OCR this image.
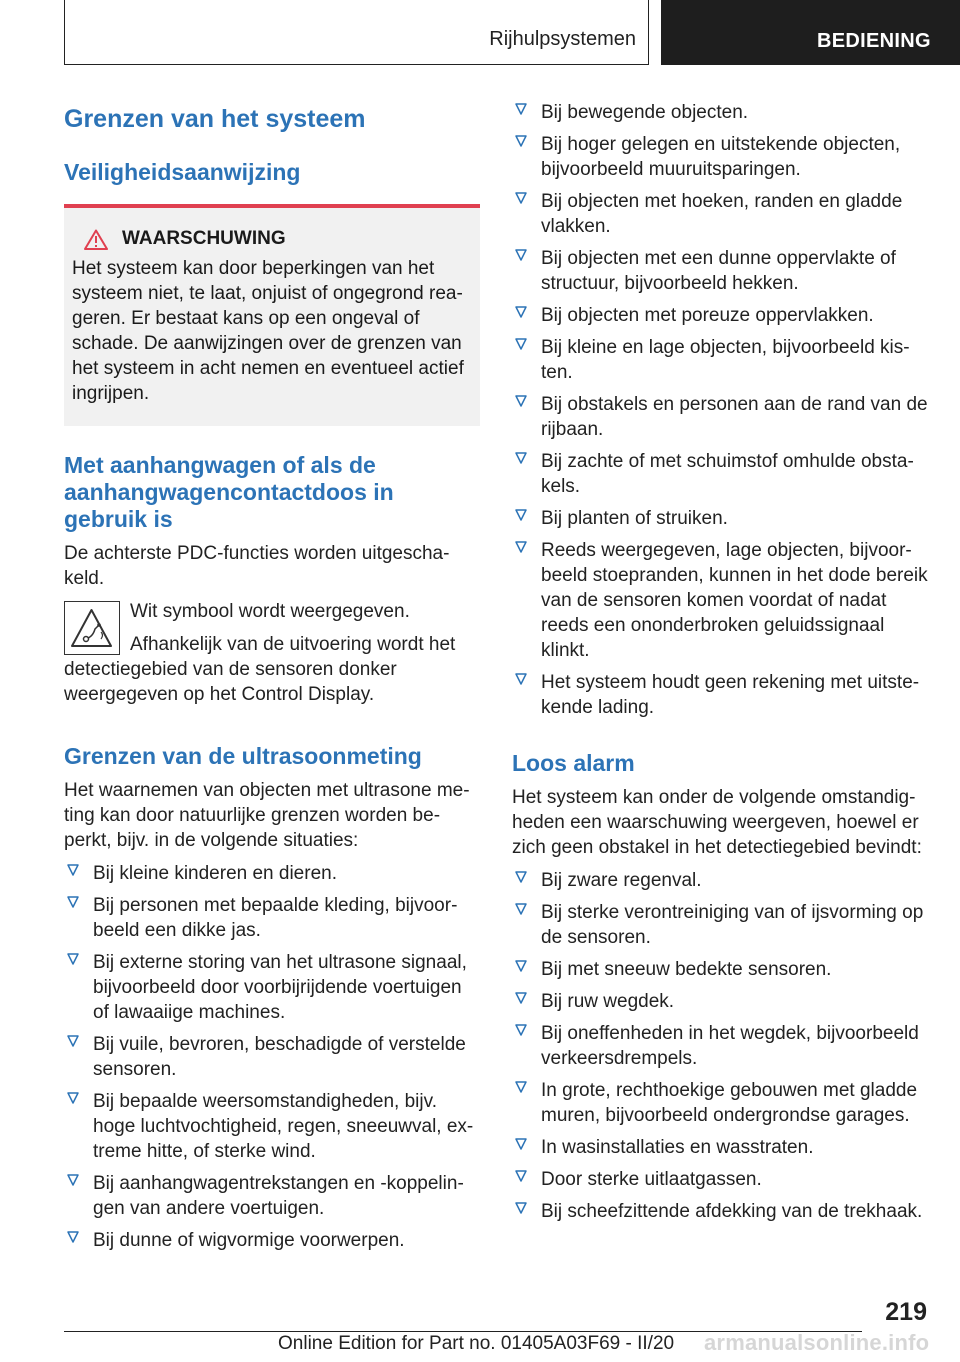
Rijhulpsystemen	BEDIENING
Grenzen van het systeem
Veiligheidsaanwijzing
WAARSCHUWING

Het systeem kan door beperkingen van het systeem niet, te laat, onjuist of ongegrond reageren. Er bestaat kans op een ongeval of schade. De aanwijzingen over de grenzen van het systeem in acht nemen en eventueel actief ingrijpen.

Met aanhangwagen of als de aanhangwagencontactdoos in gebruik is

De achterste PDC-functies worden uitgeschakeld.

Wit symbool wordt weergegeven.

Afhankelijk van de uitvoering wordt het detectiegebied van de sensoren donker weergegeven op het Control Display.

Grenzen van de ultrasoonmeting

Het waarnemen van objecten met ultrasone meting kan door natuurlijke grenzen worden beperkt, bijv. in de volgende situaties:

Bij kleine kinderen en dieren.
Bij personen met bepaalde kleding, bijvoorbeeld een dikke jas.
Bij externe storing van het ultrasone signaal, bijvoorbeeld door voorbijrijdende voertuigen of lawaaiige machines.
Bij vuile, bevroren, beschadigde of verstelde sensoren.
Bij bepaalde weersomstandigheden, bijv. hoge luchtvochtigheid, regen, sneeuwval, extreme hitte, of sterke wind.
Bij aanhangwagentrekstangen en -koppelingen van andere voertuigen.
Bij dunne of wigvormige voorwerpen.
Bij bewegende objecten.
Bij hoger gelegen en uitstekende objecten, bijvoorbeeld muuruitsparingen.
Bij objecten met hoeken, randen en gladde vlakken.
Bij objecten met een dunne oppervlakte of structuur, bijvoorbeeld hekken.
Bij objecten met poreuze oppervlakken.
Bij kleine en lage objecten, bijvoorbeeld kisten.
Bij obstakels en personen aan de rand van de rijbaan.
Bij zachte of met schuimstof omhulde obstakels.
Bij planten of struiken.
Reeds weergegeven, lage objecten, bijvoorbeeld stoepranden, kunnen in het dode bereik van de sensoren komen voordat of nadat reeds een ononderbroken geluidssignaal klinkt.
Het systeem houdt geen rekening met uitstekende lading.
Loos alarm

Het systeem kan onder de volgende omstandigheden een waarschuwing weergeven, hoewel er zich geen obstakel in het detectiegebied bevindt:

Bij zware regenval.
Bij sterke verontreiniging van of ijsvorming op de sensoren.
Bij met sneeuw bedekte sensoren.
Bij ruw wegdek.
Bij oneffenheden in het wegdek, bijvoorbeeld verkeersdrempels.
In grote, rechthoekige gebouwen met gladde muren, bijvoorbeeld ondergrondse garages.
In wasinstallaties en wasstraten.
Door sterke uitlaatgassen.
Bij scheefzittende afdekking van de trekhaak.
219
Online Edition for Part no. 01405A03F69 - II/20 armanualsonline.info
